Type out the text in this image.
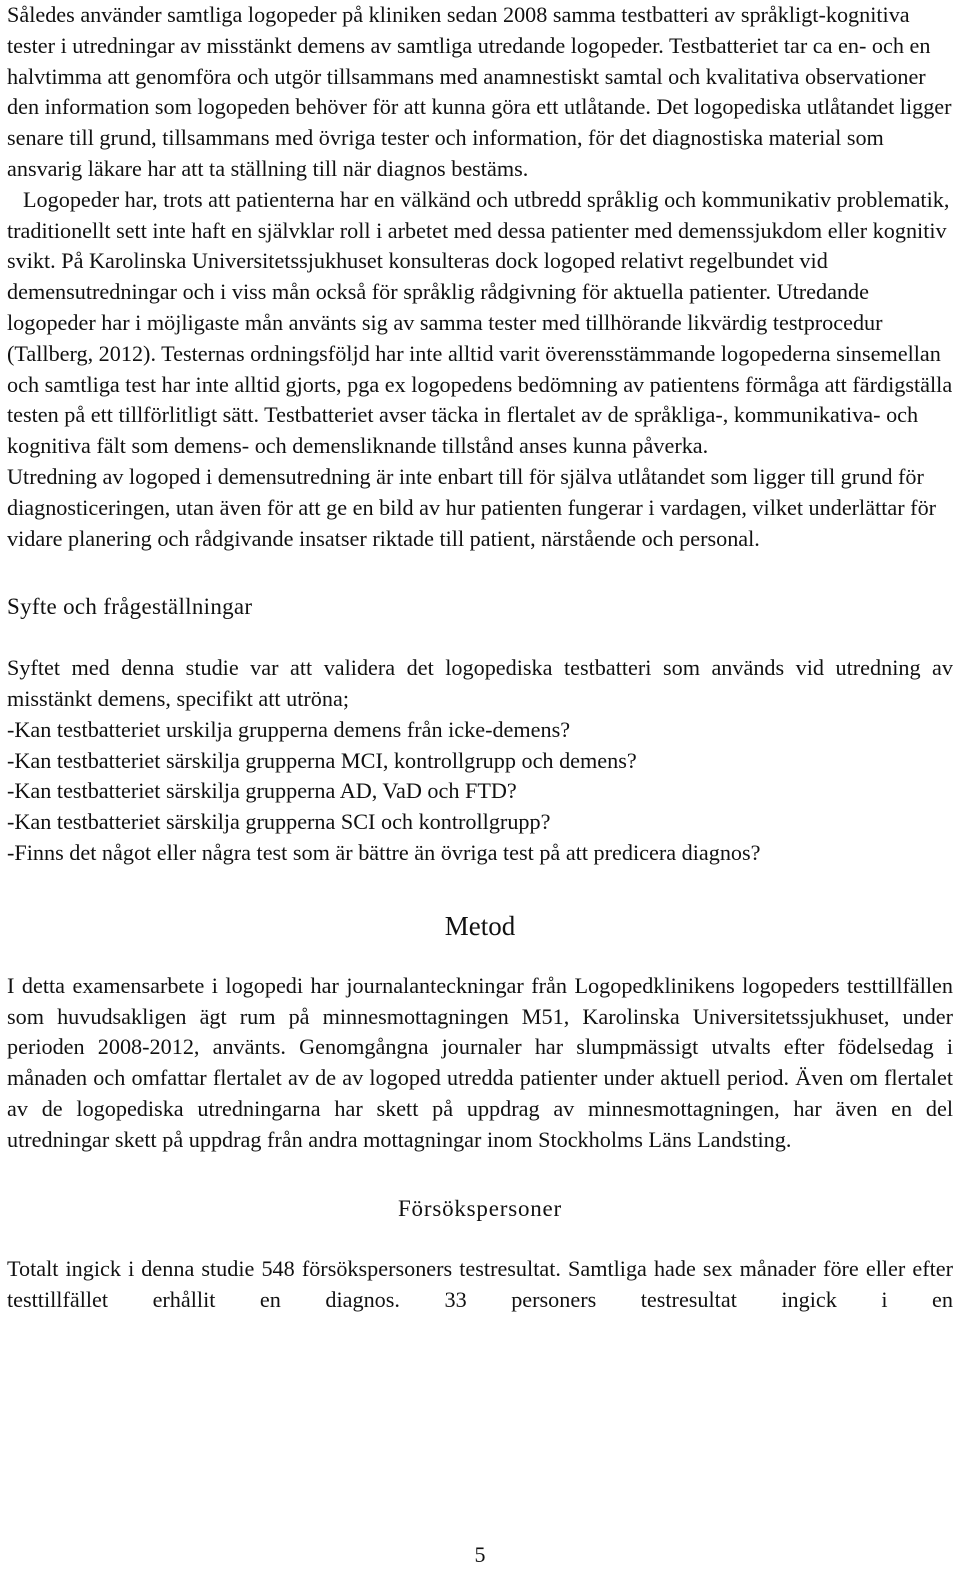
Således använder samtliga logopeder på kliniken sedan 2008 samma testbatteri av språkligt-kognitiva tester i utredningar av misstänkt demens av samtliga utredande logopeder. Testbatteriet tar ca en- och en halvtimma att genomföra och utgör tillsammans med anamnestiskt samtal och kvalitativa observationer den information som logopeden behöver för att kunna göra ett utlåtande. Det logopediska utlåtandet ligger senare till grund, tillsammans med övriga tester och information, för det diagnostiska material som ansvarig läkare har att ta ställning till när diagnos bestäms.

Logopeder har, trots att patienterna har en välkänd och utbredd språklig och kommunikativ problematik, traditionellt sett inte haft en självklar roll i arbetet med dessa patienter med demenssjukdom eller kognitiv svikt. På Karolinska Universitetssjukhuset konsulteras dock logoped relativt regelbundet vid demensutredningar och i viss mån också för språklig rådgivning för aktuella patienter. Utredande logopeder har i möjligaste mån använts sig av samma tester med tillhörande likvärdig testprocedur (Tallberg, 2012). Testernas ordningsföljd har inte alltid varit överensstämmande logopederna sinsemellan och samtliga test har inte alltid gjorts, pga ex logopedens bedömning av patientens förmåga att färdigställa testen på ett tillförlitligt sätt. Testbatteriet avser täcka in flertalet av de språkliga-, kommunikativa- och kognitiva fält som demens- och demensliknande tillstånd anses kunna påverka.

Utredning av logoped i demensutredning är inte enbart till för själva utlåtandet som ligger till grund för diagnosticeringen, utan även för att ge en bild av hur patienten fungerar i vardagen, vilket underlättar för vidare planering och rådgivande insatser riktade till patient, närstående och personal.

Syfte och frågeställningar

Syftet med denna studie var att validera det logopediska testbatteri som används vid utredning av misstänkt demens, specifikt att utröna;

-Kan testbatteriet urskilja grupperna demens från icke-demens?

-Kan testbatteriet särskilja grupperna MCI, kontrollgrupp och demens?

-Kan testbatteriet särskilja grupperna AD, VaD och FTD?

-Kan testbatteriet särskilja grupperna SCI och kontrollgrupp?

-Finns det något eller några test som är bättre än övriga test på att predicera diagnos?

Metod

I detta examensarbete i logopedi har journalanteckningar från Logopedklinikens logopeders testtillfällen som huvudsakligen ägt rum på minnesmottagningen M51, Karolinska Universitetssjukhuset, under perioden 2008-2012, använts. Genomgångna journaler har slumpmässigt utvalts efter födelsedag i månaden och omfattar flertalet av de av logoped utredda patienter under aktuell period. Även om flertalet av de logopediska utredningarna har skett på uppdrag av minnesmottagningen, har även en del utredningar skett på uppdrag från andra mottagningar inom Stockholms Läns Landsting.

Försökspersoner

Totalt ingick i denna studie 548 försökspersoners testresultat. Samtliga hade sex månader före eller efter testtillfället erhållit en diagnos. 33 personers testresultat ingick i en

5
